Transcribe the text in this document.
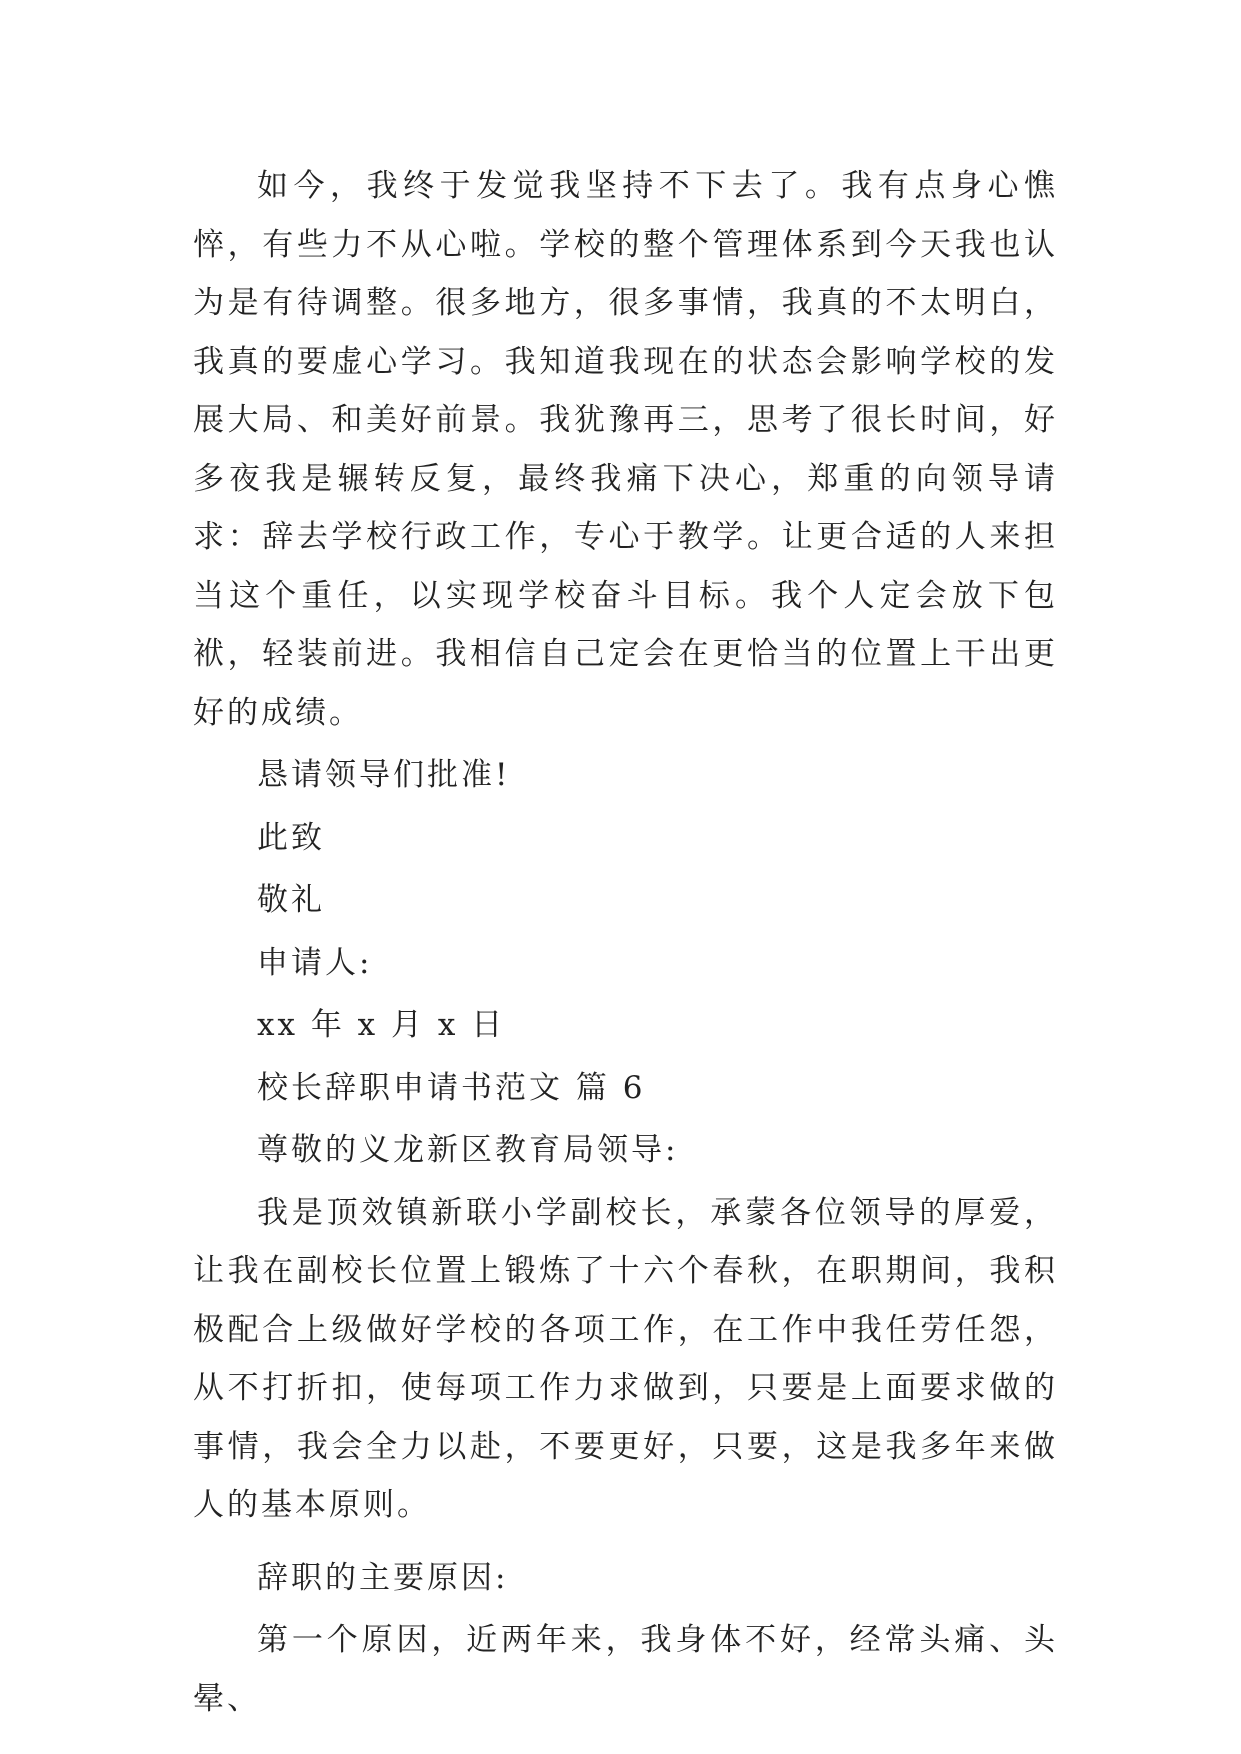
如今，我终于发觉我坚持不下去了。我有点身心憔悴，有些力不从心啦。学校的整个管理体系到今天我也认为是有待调整。很多地方，很多事情，我真的不太明白，我真的要虚心学习。我知道我现在的状态会影响学校的发展大局、和美好前景。我犹豫再三，思考了很长时间，好多夜我是辗转反复，最终我痛下决心，郑重的向领导请求：辞去学校行政工作，专心于教学。让更合适的人来担当这个重任，以实现学校奋斗目标。我个人定会放下包袱，轻装前进。我相信自己定会在更恰当的位置上干出更好的成绩。

恳请领导们批准!

此致

敬礼

申请人:

xx 年 x 月 x 日

校长辞职申请书范文 篇 6

尊敬的义龙新区教育局领导:

我是顶效镇新联小学副校长，承蒙各位领导的厚爱，让我在副校长位置上锻炼了十六个春秋，在职期间，我积极配合上级做好学校的各项工作，在工作中我任劳任怨，从不打折扣，使每项工作力求做到，只要是上面要求做的事情，我会全力以赴，不要更好，只要，这是我多年来做人的基本原则。

辞职的主要原因:

第一个原因，近两年来，我身体不好，经常头痛、头晕、
